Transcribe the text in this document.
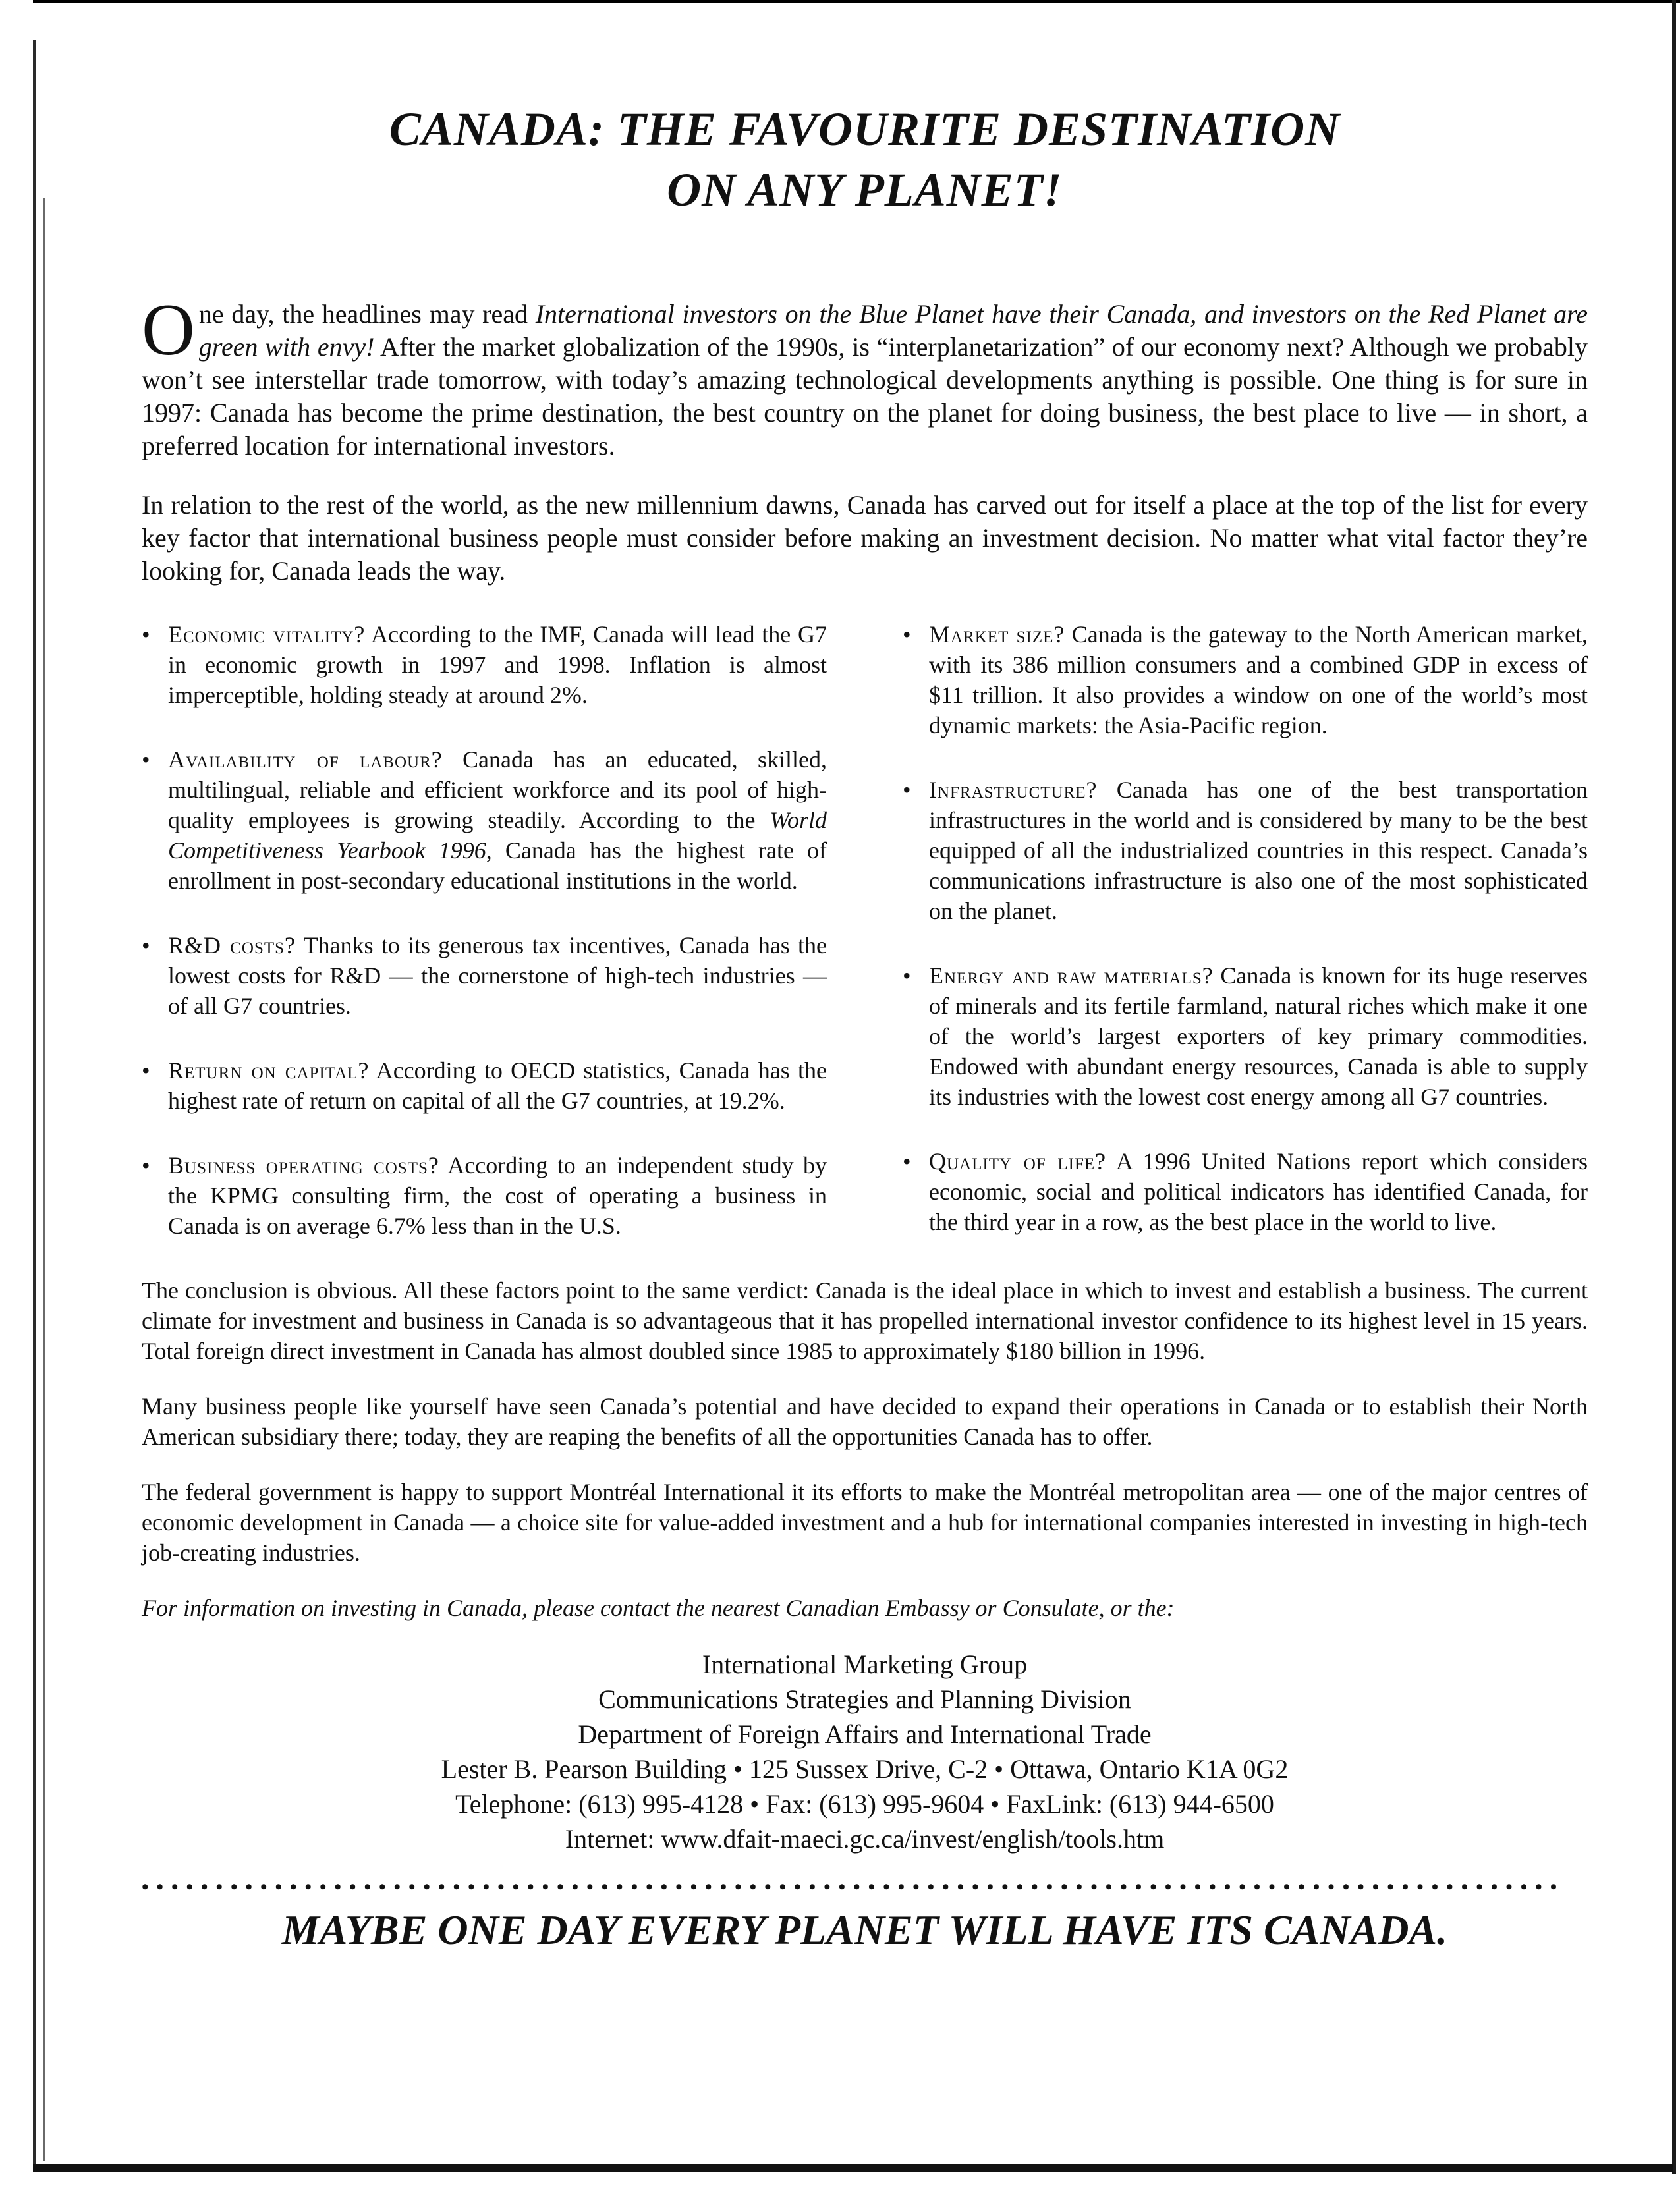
CANADA: THE FAVOURITE DESTINATION
ON ANY PLANET!

One day, the headlines may read International investors on the Blue Planet have their Canada, and investors on the Red Planet are green with envy! After the market globalization of the 1990s, is “interplanetarization” of our economy next? Although we probably won’t see interstellar trade tomorrow, with today’s amazing technological developments anything is possible. One thing is for sure in 1997: Canada has become the prime destination, the best country on the planet for doing business, the best place to live — in short, a preferred location for international investors.

In relation to the rest of the world, as the new millennium dawns, Canada has carved out for itself a place at the top of the list for every key factor that international business people must consider before making an investment decision. No matter what vital factor they’re looking for, Canada leads the way.

• Economic vitality? According to the IMF, Canada will lead the G7 in economic growth in 1997 and 1998. Inflation is almost imperceptible, holding steady at around 2%.
• Availability of labour? Canada has an educated, skilled, multilingual, reliable and efficient workforce and its pool of high-quality employees is growing steadily. According to the World Competitiveness Yearbook 1996, Canada has the highest rate of enrollment in post-secondary educational institutions in the world.
• R&D costs? Thanks to its generous tax incentives, Canada has the lowest costs for R&D — the cornerstone of high-tech industries — of all G7 countries.
• Return on capital? According to OECD statistics, Canada has the highest rate of return on capital of all the G7 countries, at 19.2%.
• Business operating costs? According to an independent study by the KPMG consulting firm, the cost of operating a business in Canada is on average 6.7% less than in the U.S.
• Market size? Canada is the gateway to the North American market, with its 386 million consumers and a combined GDP in excess of $11 trillion. It also provides a window on one of the world’s most dynamic markets: the Asia-Pacific region.
• Infrastructure? Canada has one of the best transportation infrastructures in the world and is considered by many to be the best equipped of all the industrialized countries in this respect. Canada’s communications infrastructure is also one of the most sophisticated on the planet.
• Energy and raw materials? Canada is known for its huge reserves of minerals and its fertile farmland, natural riches which make it one of the world’s largest exporters of key primary commodities. Endowed with abundant energy resources, Canada is able to supply its industries with the lowest cost energy among all G7 countries.
• Quality of life? A 1996 United Nations report which considers economic, social and political indicators has identified Canada, for the third year in a row, as the best place in the world to live.

The conclusion is obvious. All these factors point to the same verdict: Canada is the ideal place in which to invest and establish a business. The current climate for investment and business in Canada is so advantageous that it has propelled international investor confidence to its highest level in 15 years. Total foreign direct investment in Canada has almost doubled since 1985 to approximately $180 billion in 1996.

Many business people like yourself have seen Canada’s potential and have decided to expand their operations in Canada or to establish their North American subsidiary there; today, they are reaping the benefits of all the opportunities Canada has to offer.

The federal government is happy to support Montréal International it its efforts to make the Montréal metropolitan area — one of the major centres of economic development in Canada — a choice site for value-added investment and a hub for international companies interested in investing in high-tech job-creating industries.

For information on investing in Canada, please contact the nearest Canadian Embassy or Consulate, or the:

International Marketing Group
Communications Strategies and Planning Division
Department of Foreign Affairs and International Trade
Lester B. Pearson Building • 125 Sussex Drive, C-2 • Ottawa, Ontario K1A 0G2
Telephone: (613) 995-4128 • Fax: (613) 995-9604 • FaxLink: (613) 944-6500
Internet: www.dfait-maeci.gc.ca/invest/english/tools.htm
••••••••••••••••••••••••••••••••••••••••••••••••••••••••••••••••••••••••••••••••••••••••••••••••
MAYBE ONE DAY EVERY PLANET WILL HAVE ITS CANADA.
